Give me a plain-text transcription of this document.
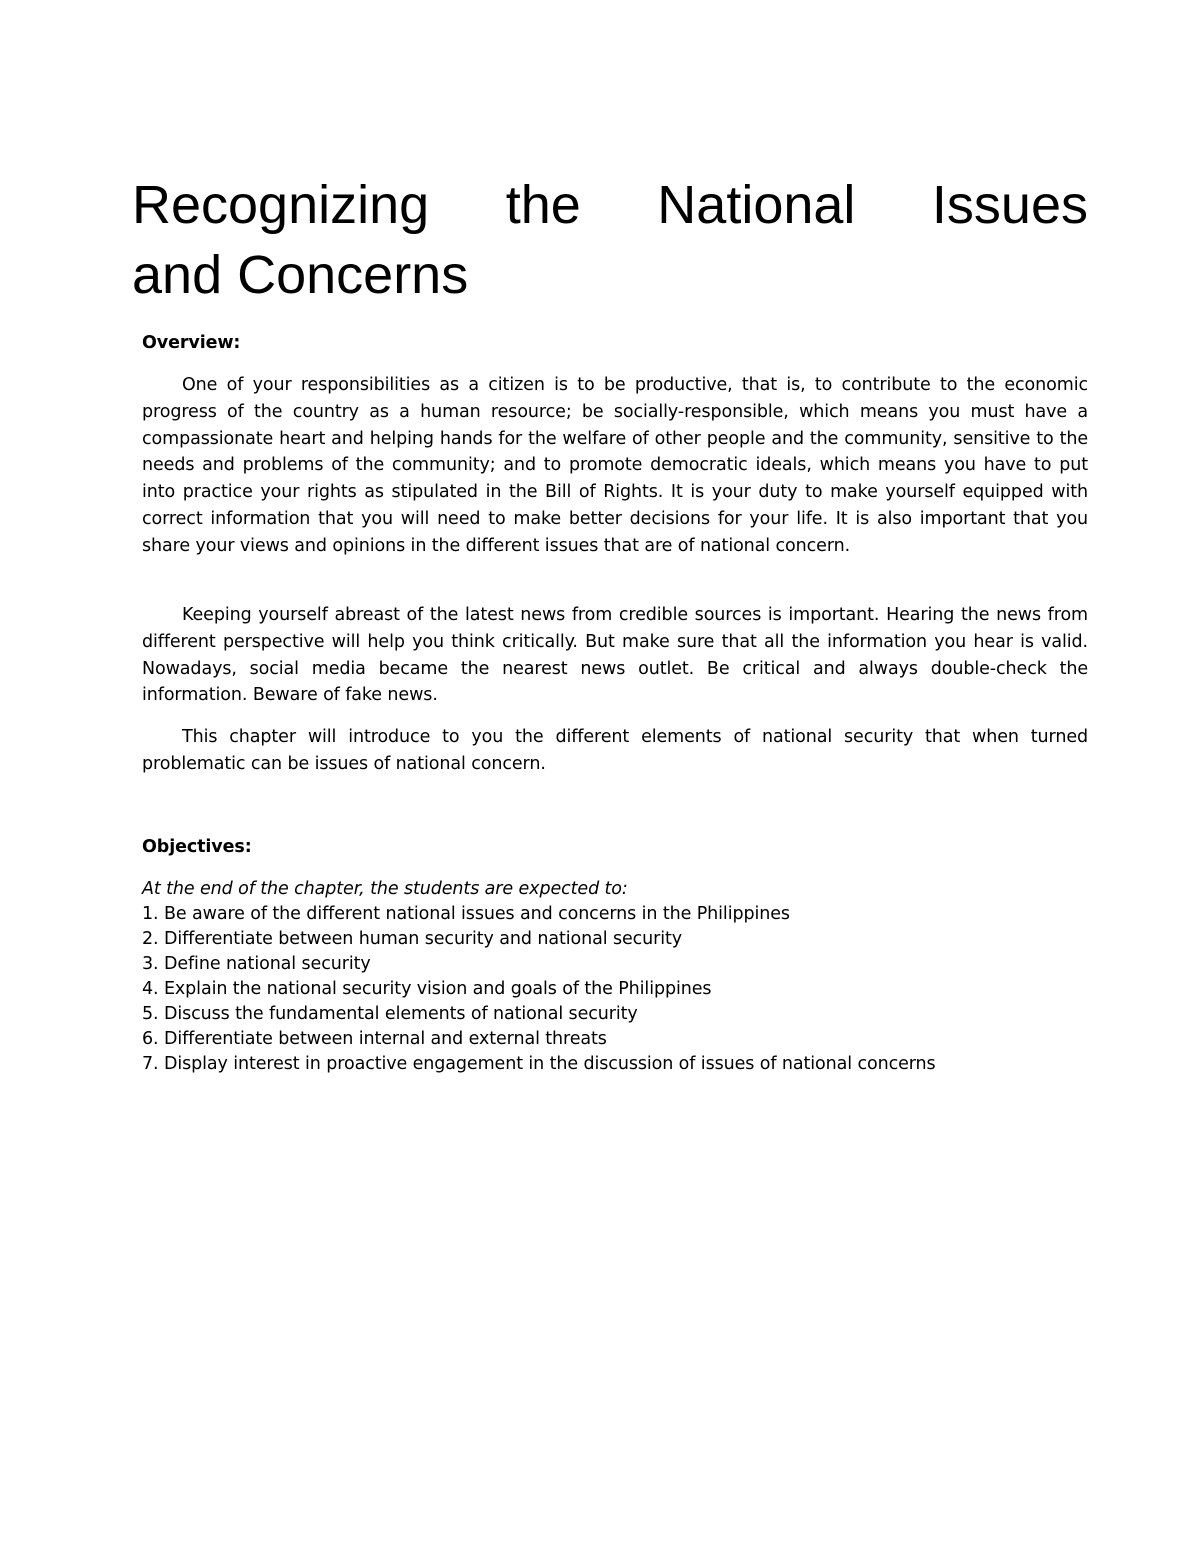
Recognizing the National Issues
and Concerns

Overview:

One of your responsibilities as a citizen is to be productive, that is, to contribute to the economic progress of the country as a human resource; be socially-responsible, which means you must have a compassionate heart and helping hands for the welfare of other people and the community, sensitive to the needs and problems of the community; and to promote democratic ideals, which means you have to put into practice your rights as stipulated in the Bill of Rights. It is your duty to make yourself equipped with correct information that you will need to make better decisions for your life. It is also important that you share your views and opinions in the different issues that are of national concern.

Keeping yourself abreast of the latest news from credible sources is important. Hearing the news from different perspective will help you think critically. But make sure that all the information you hear is valid. Nowadays, social media became the nearest news outlet. Be critical and always double-check the information. Beware of fake news.

This chapter will introduce to you the different elements of national security that when turned problematic can be issues of national concern.

Objectives:

At the end of the chapter, the students are expected to:

1. Be aware of the different national issues and concerns in the Philippines
2. Differentiate between human security and national security
3. Define national security
4. Explain the national security vision and goals of the Philippines
5. Discuss the fundamental elements of national security
6. Differentiate between internal and external threats
7. Display interest in proactive engagement in the discussion of issues of national concerns
